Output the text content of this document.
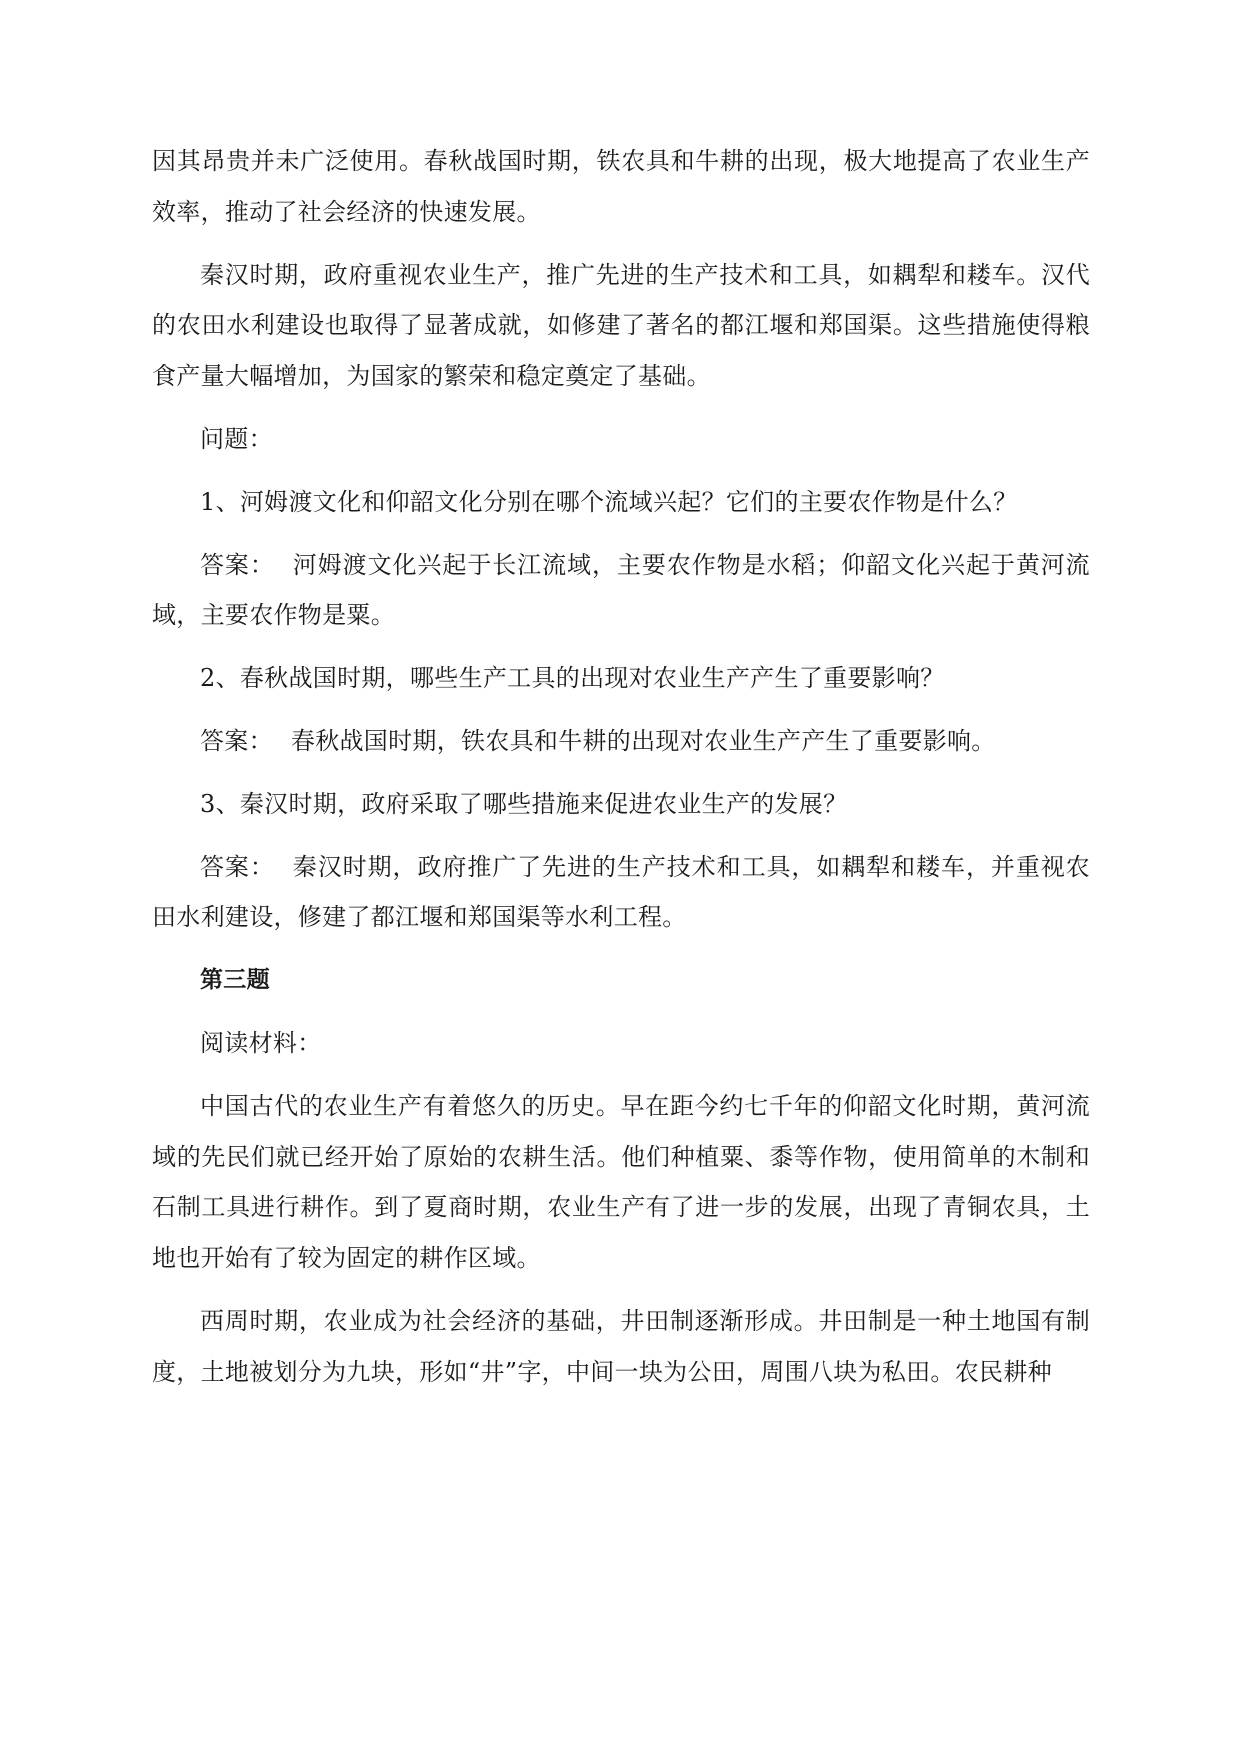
因其昂贵并未广泛使用。春秋战国时期，铁农具和牛耕的出现，极大地提高了农业生产效率，推动了社会经济的快速发展。

秦汉时期，政府重视农业生产，推广先进的生产技术和工具，如耦犁和耧车。汉代的农田水利建设也取得了显著成就，如修建了著名的都江堰和郑国渠。这些措施使得粮食产量大幅增加，为国家的繁荣和稳定奠定了基础。

问题：

1、河姆渡文化和仰韶文化分别在哪个流域兴起？它们的主要农作物是什么？

答案： 河姆渡文化兴起于长江流域，主要农作物是水稻；仰韶文化兴起于黄河流域，主要农作物是粟。

2、春秋战国时期，哪些生产工具的出现对农业生产产生了重要影响？

答案： 春秋战国时期，铁农具和牛耕的出现对农业生产产生了重要影响。

3、秦汉时期，政府采取了哪些措施来促进农业生产的发展？

答案： 秦汉时期，政府推广了先进的生产技术和工具，如耦犁和耧车，并重视农田水利建设，修建了都江堰和郑国渠等水利工程。

第三题

阅读材料：

中国古代的农业生产有着悠久的历史。早在距今约七千年的仰韶文化时期，黄河流域的先民们就已经开始了原始的农耕生活。他们种植粟、黍等作物，使用简单的木制和石制工具进行耕作。到了夏商时期，农业生产有了进一步的发展，出现了青铜农具，土地也开始有了较为固定的耕作区域。

西周时期，农业成为社会经济的基础，井田制逐渐形成。井田制是一种土地国有制度，土地被划分为九块，形如“井”字，中间一块为公田，周围八块为私田。农民耕种
